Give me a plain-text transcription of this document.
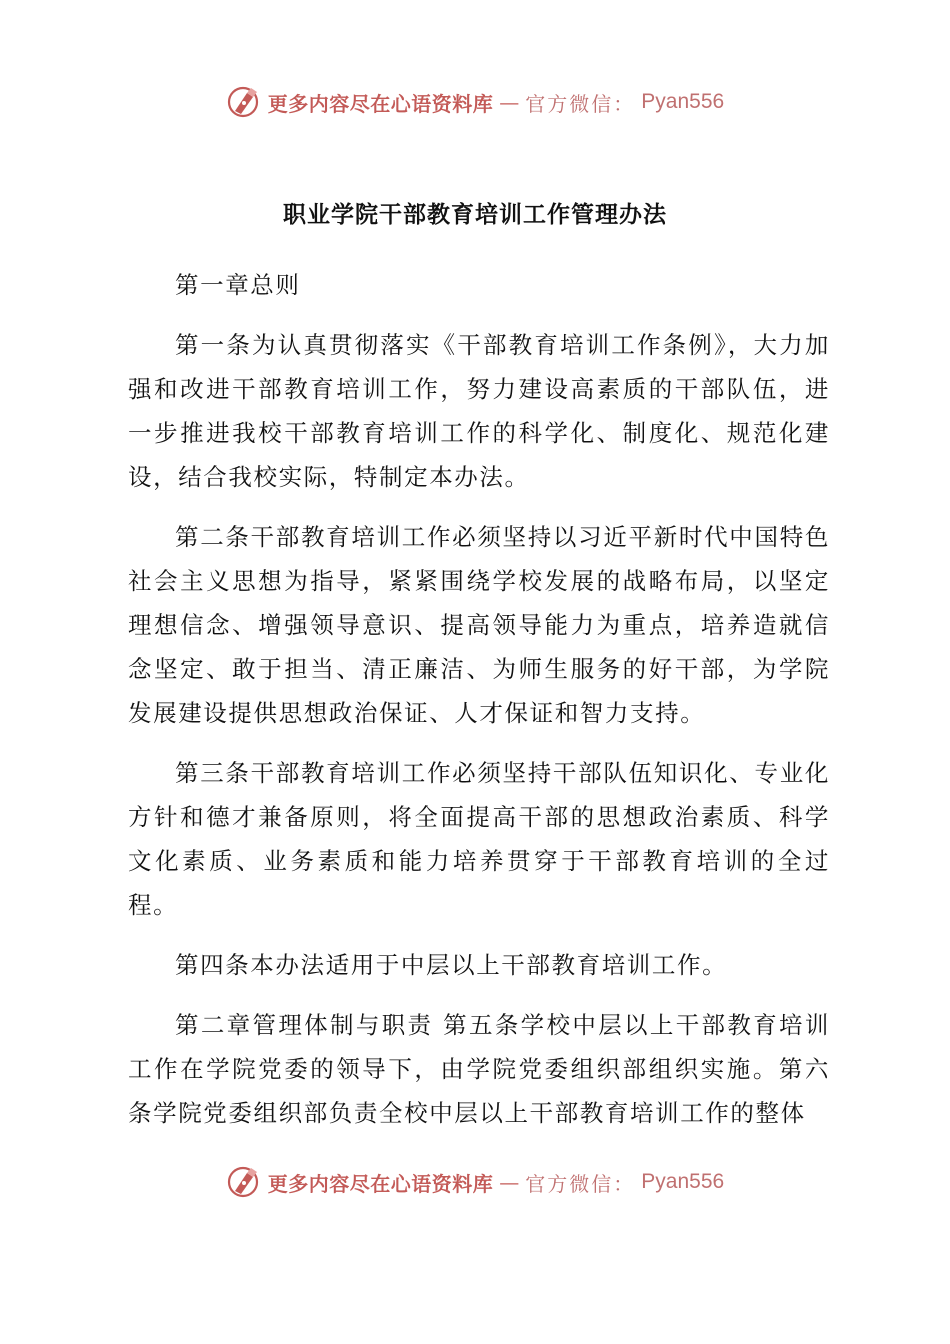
更多内容尽在心语资料库 — 官方微信： Pyan556
职业学院干部教育培训工作管理办法

第一章总则

第一条为认真贯彻落实《干部教育培训工作条例》，大力加强和改进干部教育培训工作，努力建设高素质的干部队伍，进一步推进我校干部教育培训工作的科学化、制度化、规范化建设，结合我校实际，特制定本办法。

第二条干部教育培训工作必须坚持以习近平新时代中国特色社会主义思想为指导，紧紧围绕学校发展的战略布局，以坚定理想信念、增强领导意识、提高领导能力为重点，培养造就信念坚定、敢于担当、清正廉洁、为师生服务的好干部，为学院发展建设提供思想政治保证、人才保证和智力支持。

第三条干部教育培训工作必须坚持干部队伍知识化、专业化方针和德才兼备原则，将全面提高干部的思想政治素质、科学文化素质、业务素质和能力培养贯穿于干部教育培训的全过程。

第四条本办法适用于中层以上干部教育培训工作。

第二章管理体制与职责 第五条学校中层以上干部教育培训工作在学院党委的领导下，由学院党委组织部组织实施。第六条学院党委组织部负责全校中层以上干部教育培训工作的整体

更多内容尽在心语资料库 — 官方微信： Pyan556
